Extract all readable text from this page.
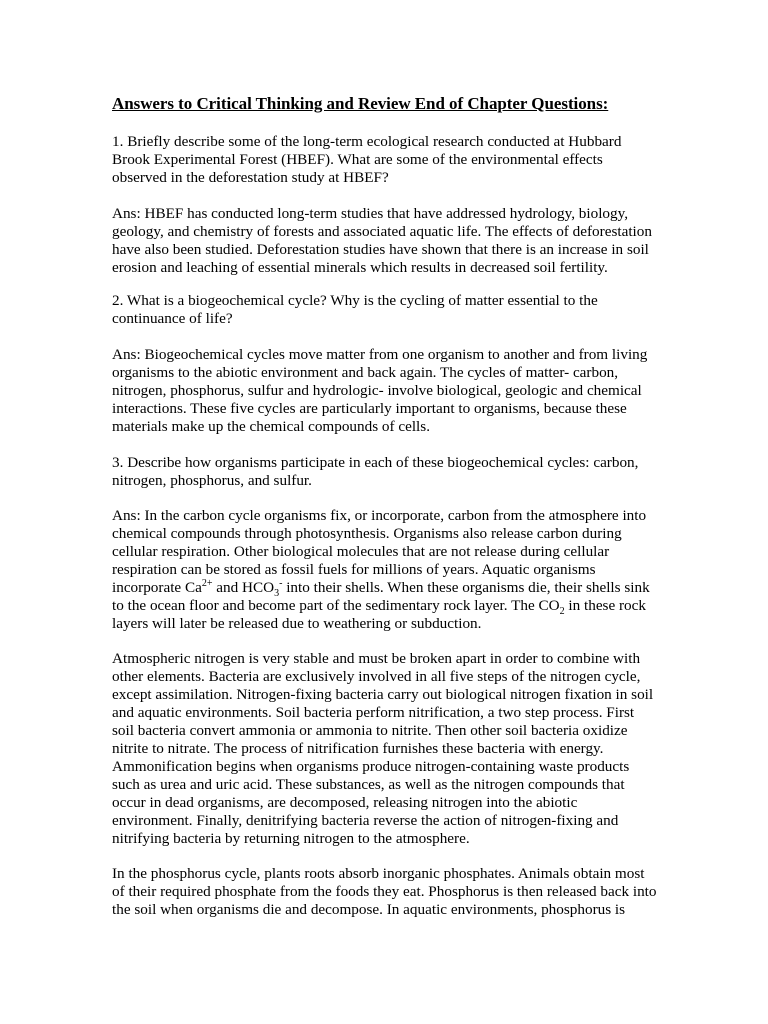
Answers to Critical Thinking and Review End of Chapter Questions:

1. Briefly describe some of the long-term ecological research conducted at Hubbard
Brook Experimental Forest (HBEF). What are some of the environmental effects
observed in the deforestation study at HBEF?

Ans: HBEF has conducted long-term studies that have addressed hydrology, biology,
geology, and chemistry of forests and associated aquatic life. The effects of deforestation
have also been studied. Deforestation studies have shown that there is an increase in soil
erosion and leaching of essential minerals which results in decreased soil fertility.

2. What is a biogeochemical cycle? Why is the cycling of matter essential to the
continuance of life?

Ans: Biogeochemical cycles move matter from one organism to another and from living
organisms to the abiotic environment and back again. The cycles of matter- carbon,
nitrogen, phosphorus, sulfur and hydrologic- involve biological, geologic and chemical
interactions. These five cycles are particularly important to organisms, because these
materials make up the chemical compounds of cells.

3. Describe how organisms participate in each of these biogeochemical cycles: carbon,
nitrogen, phosphorus, and sulfur.

Ans: In the carbon cycle organisms fix, or incorporate, carbon from the atmosphere into
chemical compounds through photosynthesis. Organisms also release carbon during
cellular respiration. Other biological molecules that are not release during cellular
respiration can be stored as fossil fuels for millions of years. Aquatic organisms
incorporate $Ca^{2+}$ and $HCO_3^-$ into their shells. When these organisms die, their shells sink
to the ocean floor and become part of the sedimentary rock layer. The $CO_2$ in these rock
layers will later be released due to weathering or subduction.

Atmospheric nitrogen is very stable and must be broken apart in order to combine with
other elements. Bacteria are exclusively involved in all five steps of the nitrogen cycle,
except assimilation. Nitrogen-fixing bacteria carry out biological nitrogen fixation in soil
and aquatic environments. Soil bacteria perform nitrification, a two step process. First
soil bacteria convert ammonia or ammonia to nitrite. Then other soil bacteria oxidize
nitrite to nitrate. The process of nitrification furnishes these bacteria with energy.
Ammonification begins when organisms produce nitrogen-containing waste products
such as urea and uric acid. These substances, as well as the nitrogen compounds that
occur in dead organisms, are decomposed, releasing nitrogen into the abiotic
environment. Finally, denitrifying bacteria reverse the action of nitrogen-fixing and
nitrifying bacteria by returning nitrogen to the atmosphere.

In the phosphorus cycle, plants roots absorb inorganic phosphates. Animals obtain most
of their required phosphate from the foods they eat. Phosphorus is then released back into
the soil when organisms die and decompose. In aquatic environments, phosphorus is
